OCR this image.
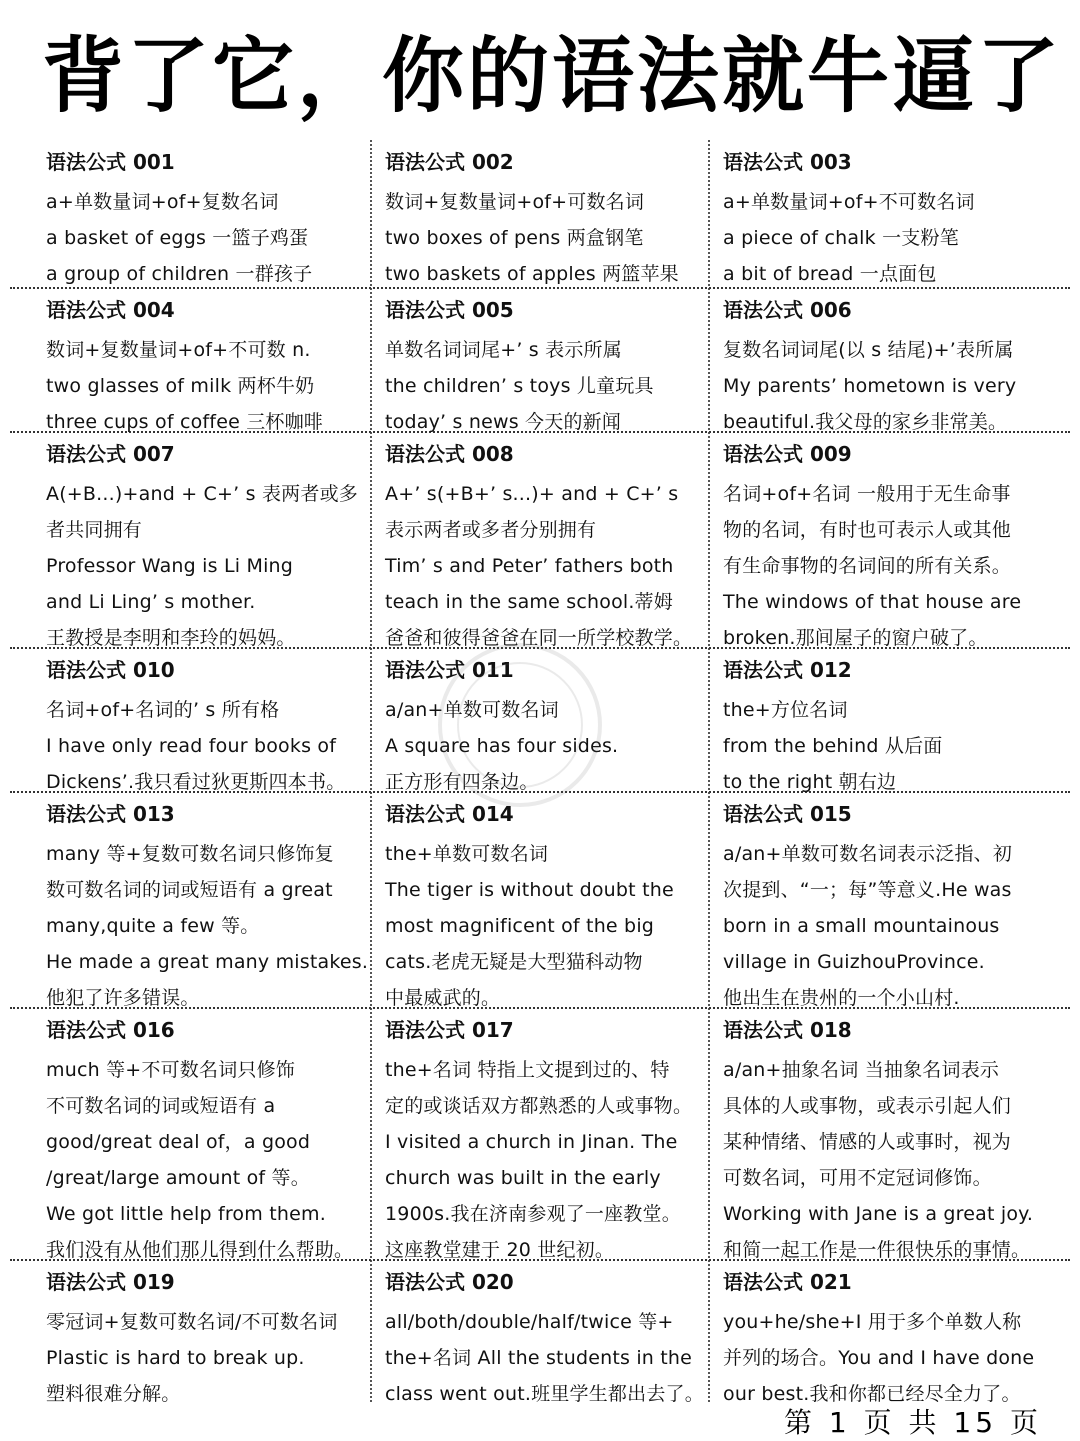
背了它，你的语法就牛逼了
语法公式 001
a+单数量词+of+复数名词
a basket of eggs 一篮子鸡蛋
a group of children 一群孩子
语法公式 002
数词+复数量词+of+可数名词
two boxes of pens 两盒钢笔
two baskets of apples 两篮苹果
语法公式 003
a+单数量词+of+不可数名词
a piece of chalk 一支粉笔
a bit of bread 一点面包
语法公式 004
数词+复数量词+of+不可数 n.
two glasses of milk 两杯牛奶
three cups of coffee 三杯咖啡
语法公式 005
单数名词词尾+’ s 表示所属
the children’ s toys 儿童玩具
today’ s news 今天的新闻
语法公式 006
复数名词词尾(以 s 结尾)+’表所属
My parents’ hometown is very
beautiful.我父母的家乡非常美。
语法公式 007
A(+B...)+and + C+’ s 表两者或多
者共同拥有
Professor Wang is Li Ming
and Li Ling’ s mother.
王教授是李明和李玲的妈妈。
语法公式 008
A+’ s(+B+’ s...)+ and + C+’ s
表示两者或多者分别拥有
Tim’ s and Peter’ fathers both
teach in the same school.蒂姆
爸爸和彼得爸爸在同一所学校教学。
语法公式 009
名词+of+名词 一般用于无生命事
物的名词，有时也可表示人或其他
有生命事物的名词间的所有关系。
The windows of that house are
broken.那间屋子的窗户破了。
语法公式 010
名词+of+名词的’ s 所有格
I have only read four books of
Dickens’.我只看过狄更斯四本书。
语法公式 011
a/an+单数可数名词
A square has four sides.
正方形有四条边。
语法公式 012
the+方位名词
from the behind 从后面
to the right 朝右边
语法公式 013
many 等+复数可数名词只修饰复
数可数名词的词或短语有 a great
many,quite a few 等。
He made a great many mistakes.
他犯了许多错误。
语法公式 014
the+单数可数名词
The tiger is without doubt the
most magnificent of the big
cats.老虎无疑是大型猫科动物
中最威武的。
语法公式 015
a/an+单数可数名词表示泛指、初
次提到、“一；每”等意义.He was
born in a small mountainous
village in GuizhouProvince.
他出生在贵州的一个小山村.
语法公式 016
much 等+不可数名词只修饰
不可数名词的词或短语有 a
good/great deal of，a good
/great/large amount of 等。
We got little help from them.
我们没有从他们那儿得到什么帮助。
语法公式 017
the+名词 特指上文提到过的、特
定的或谈话双方都熟悉的人或事物。
I visited a church in Jinan. The
church was built in the early
1900s.我在济南参观了一座教堂。
这座教堂建于 20 世纪初。
语法公式 018
a/an+抽象名词 当抽象名词表示
具体的人或事物，或表示引起人们
某种情绪、情感的人或事时，视为
可数名词，可用不定冠词修饰。
Working with Jane is a great joy.
和简一起工作是一件很快乐的事情。
语法公式 019
零冠词+复数可数名词/不可数名词
Plastic is hard to break up.
塑料很难分解。
语法公式 020
all/both/double/half/twice 等+
the+名词 All the students in the
class went out.班里学生都出去了。
语法公式 021
you+he/she+I 用于多个单数人称
并列的场合。You and I have done
our best.我和你都已经尽全力了。
第 1 页 共 15 页
